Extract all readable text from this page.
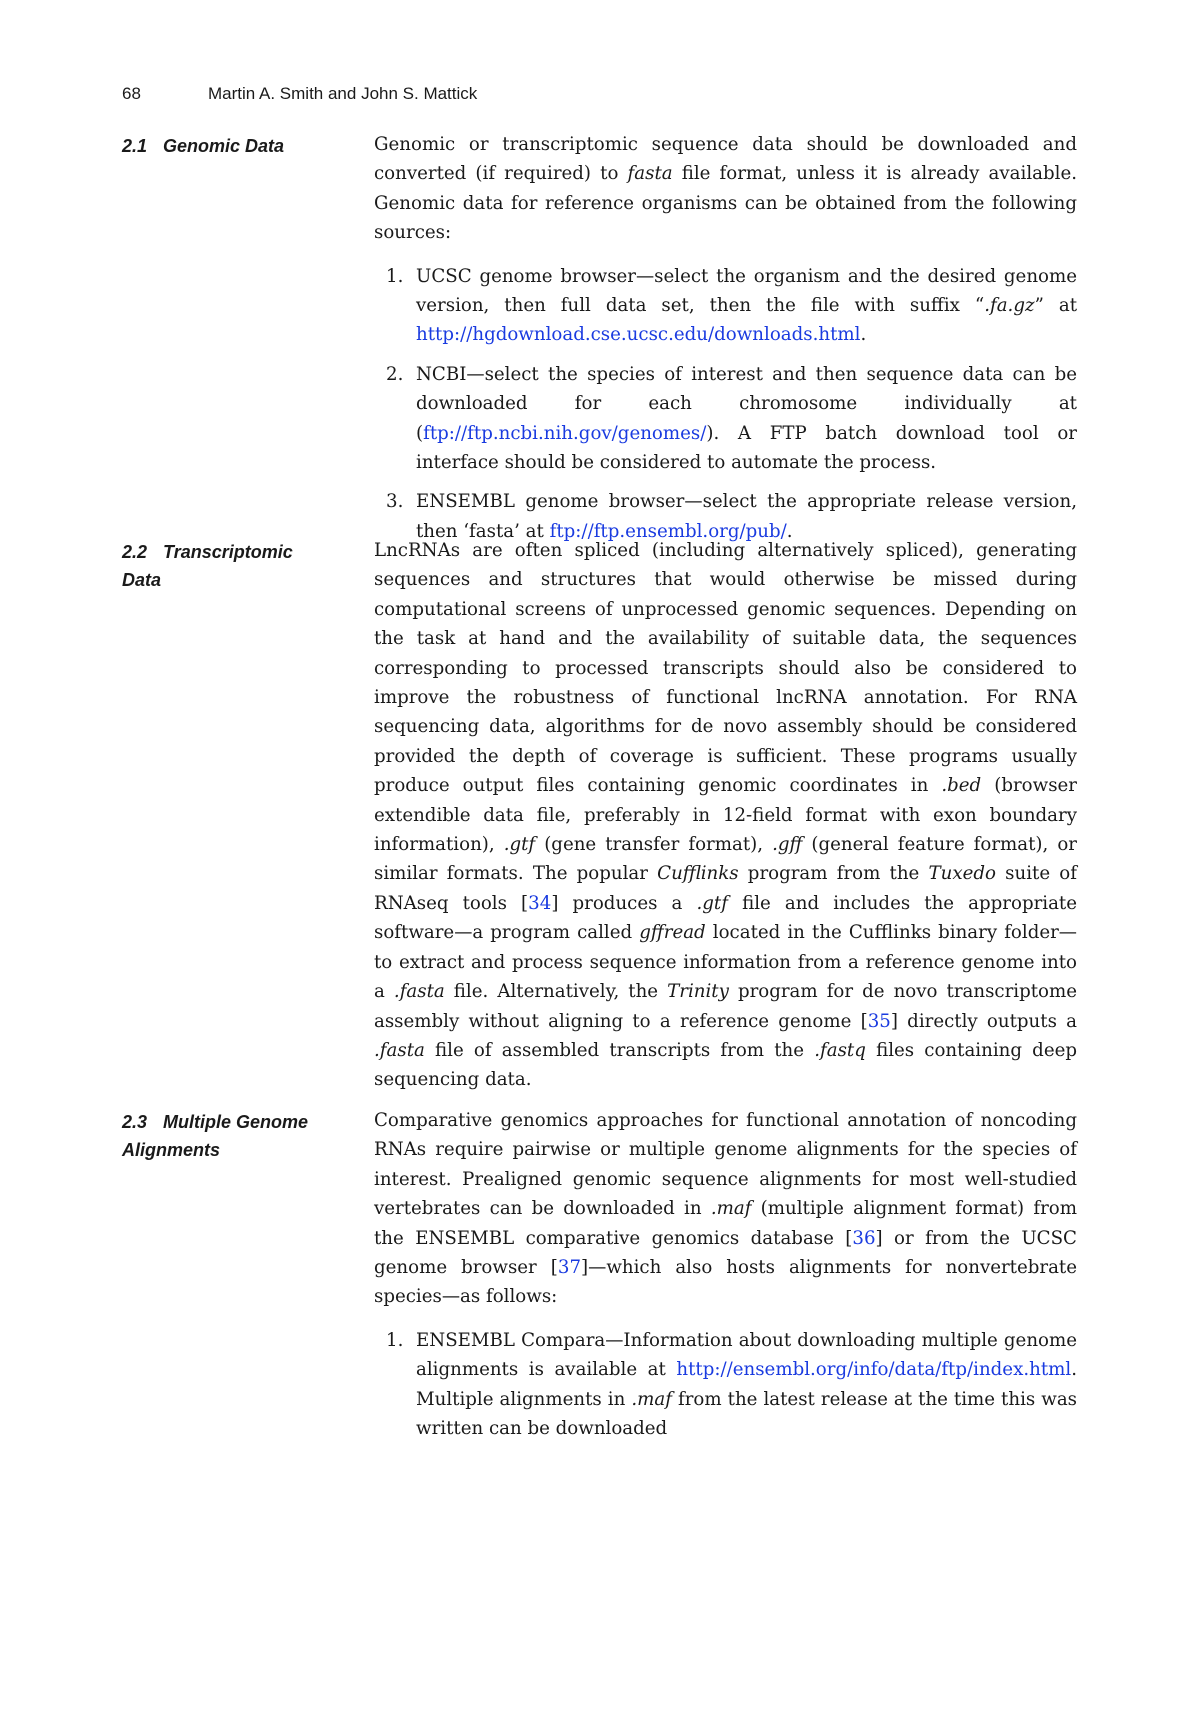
68	Martin A. Smith and John S. Mattick
2.1 Genomic Data	Genomic or transcriptomic sequence data should be downloaded and converted (if required) to fasta file format, unless it is already available. Genomic data for reference organisms can be obtained from the following sources:

1. UCSC genome browser—select the organism and the desired genome version, then full data set, then the file with suffix “.fa.gz” at http://hgdownload.cse.ucsc.edu/downloads.html.
2. NCBI—select the species of interest and then sequence data can be downloaded for each chromosome individually at (ftp://ftp.ncbi.nih.gov/genomes/). A FTP batch download tool or interface should be considered to automate the process.
3. ENSEMBL genome browser—select the appropriate release version, then ‘fasta’ at ftp://ftp.ensembl.org/pub/.
2.2 Transcriptomic
Data

LncRNAs are often spliced (including alternatively spliced), generating sequences and structures that would otherwise be missed during computational screens of unprocessed genomic sequences. Depending on the task at hand and the availability of suitable data, the sequences corresponding to processed transcripts should also be considered to improve the robustness of functional lncRNA annotation. For RNA sequencing data, algorithms for de novo assembly should be considered provided the depth of coverage is sufficient. These programs usually produce output files containing genomic coordinates in .bed (browser extendible data file, preferably in 12-field format with exon boundary information), .gtf (gene transfer format), .gff (general feature format), or similar formats. The popular Cufflinks program from the Tuxedo suite of RNAseq tools [34] produces a .gtf file and includes the appropriate software—a program called gffread located in the Cufflinks binary folder—to extract and process sequence information from a reference genome into a .fasta file. Alternatively, the Trinity program for de novo transcriptome assembly without aligning to a reference genome [35] directly outputs a .fasta file of assembled transcripts from the .fastq files containing deep sequencing data.

2.3 Multiple Genome
Alignments

Comparative genomics approaches for functional annotation of noncoding RNAs require pairwise or multiple genome alignments for the species of interest. Prealigned genomic sequence alignments for most well-studied vertebrates can be downloaded in .maf (multiple alignment format) from the ENSEMBL comparative genomics database [36] or from the UCSC genome browser [37]—which also hosts alignments for nonvertebrate species—as follows:

1. ENSEMBL Compara—Information about downloading multiple genome alignments is available at http://ensembl.org/info/data/ftp/index.html. Multiple alignments in .maf from the latest release at the time this was written can be downloaded
